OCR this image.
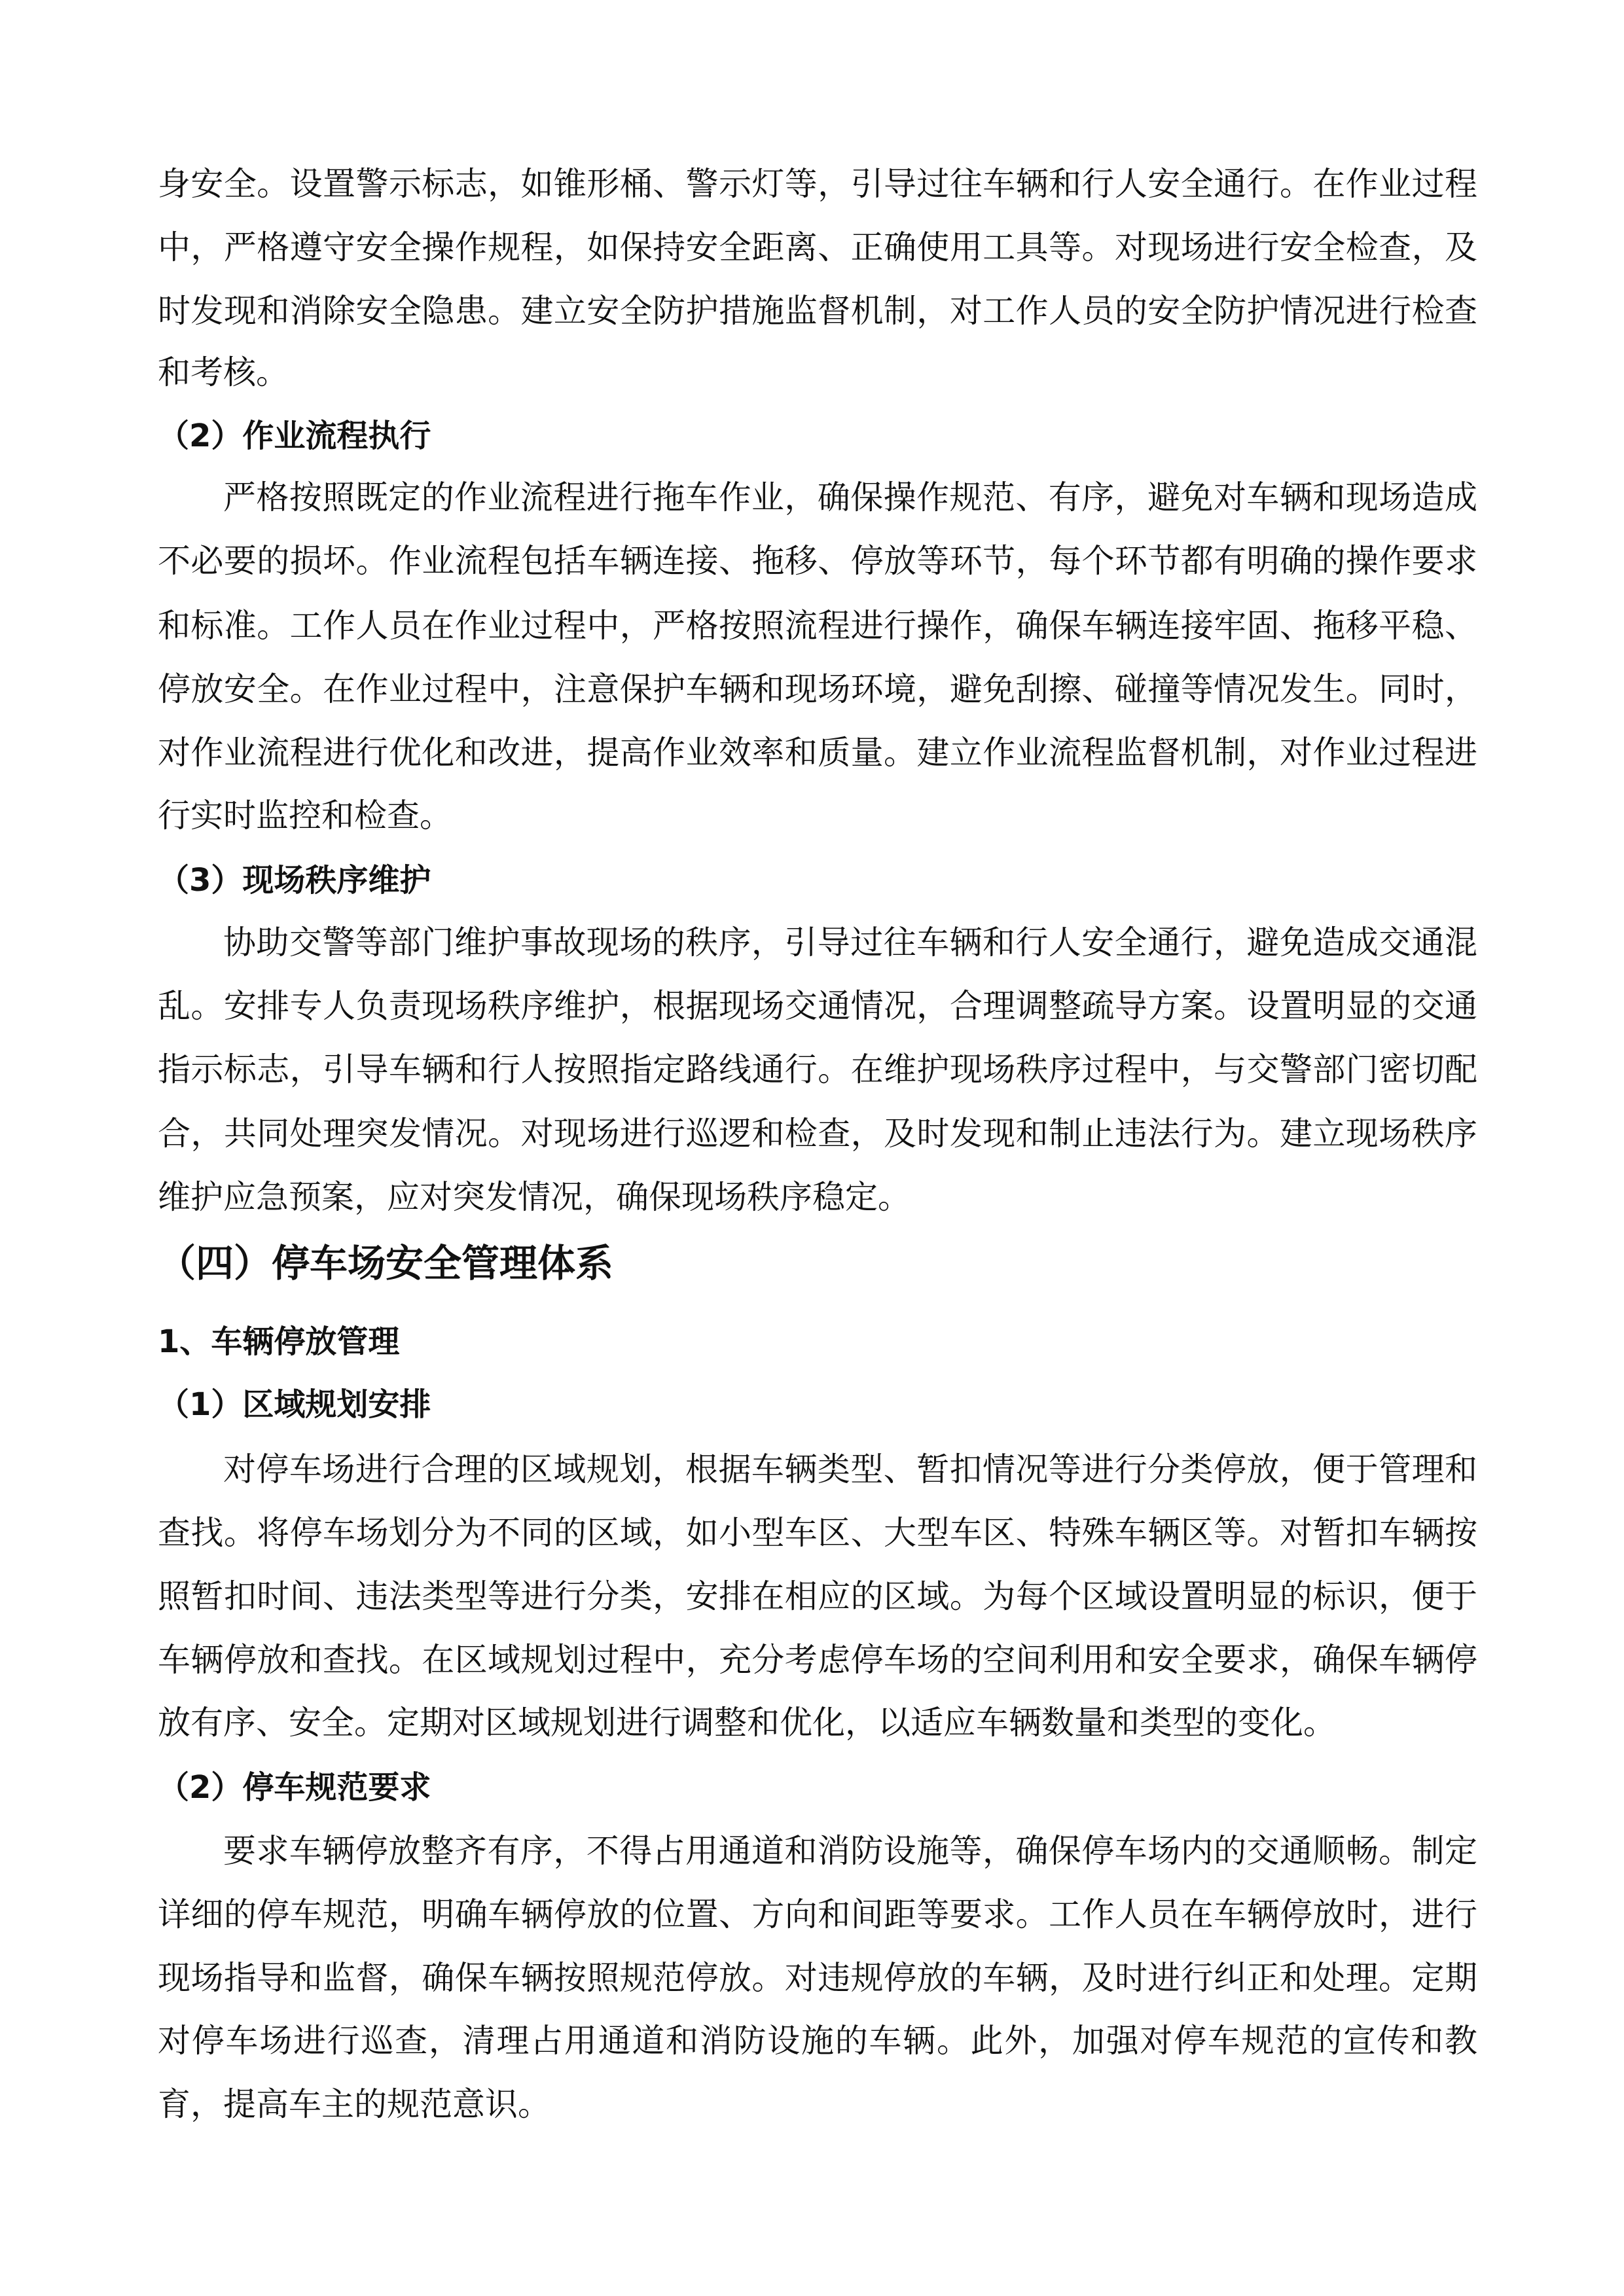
身安全。设置警示标志，如锥形桶、警示灯等，引导过往车辆和行人安全通行。在作业过程
中，严格遵守安全操作规程，如保持安全距离、正确使用工具等。对现场进行安全检查，及
时发现和消除安全隐患。建立安全防护措施监督机制，对工作人员的安全防护情况进行检查
和考核。
（2）作业流程执行
严格按照既定的作业流程进行拖车作业，确保操作规范、有序，避免对车辆和现场造成
不必要的损坏。作业流程包括车辆连接、拖移、停放等环节，每个环节都有明确的操作要求
和标准。工作人员在作业过程中，严格按照流程进行操作，确保车辆连接牢固、拖移平稳、
停放安全。在作业过程中，注意保护车辆和现场环境，避免刮擦、碰撞等情况发生。同时，
对作业流程进行优化和改进，提高作业效率和质量。建立作业流程监督机制，对作业过程进
行实时监控和检查。
（3）现场秩序维护
协助交警等部门维护事故现场的秩序，引导过往车辆和行人安全通行，避免造成交通混
乱。安排专人负责现场秩序维护，根据现场交通情况，合理调整疏导方案。设置明显的交通
指示标志，引导车辆和行人按照指定路线通行。在维护现场秩序过程中，与交警部门密切配
合，共同处理突发情况。对现场进行巡逻和检查，及时发现和制止违法行为。建立现场秩序
维护应急预案，应对突发情况，确保现场秩序稳定。
（四）停车场安全管理体系
1、车辆停放管理
（1）区域规划安排
对停车场进行合理的区域规划，根据车辆类型、暂扣情况等进行分类停放，便于管理和
查找。将停车场划分为不同的区域，如小型车区、大型车区、特殊车辆区等。对暂扣车辆按
照暂扣时间、违法类型等进行分类，安排在相应的区域。为每个区域设置明显的标识，便于
车辆停放和查找。在区域规划过程中，充分考虑停车场的空间利用和安全要求，确保车辆停
放有序、安全。定期对区域规划进行调整和优化，以适应车辆数量和类型的变化。
（2）停车规范要求
要求车辆停放整齐有序，不得占用通道和消防设施等，确保停车场内的交通顺畅。制定
详细的停车规范，明确车辆停放的位置、方向和间距等要求。工作人员在车辆停放时，进行
现场指导和监督，确保车辆按照规范停放。对违规停放的车辆，及时进行纠正和处理。定期
对停车场进行巡查，清理占用通道和消防设施的车辆。此外，加强对停车规范的宣传和教
育，提高车主的规范意识。
